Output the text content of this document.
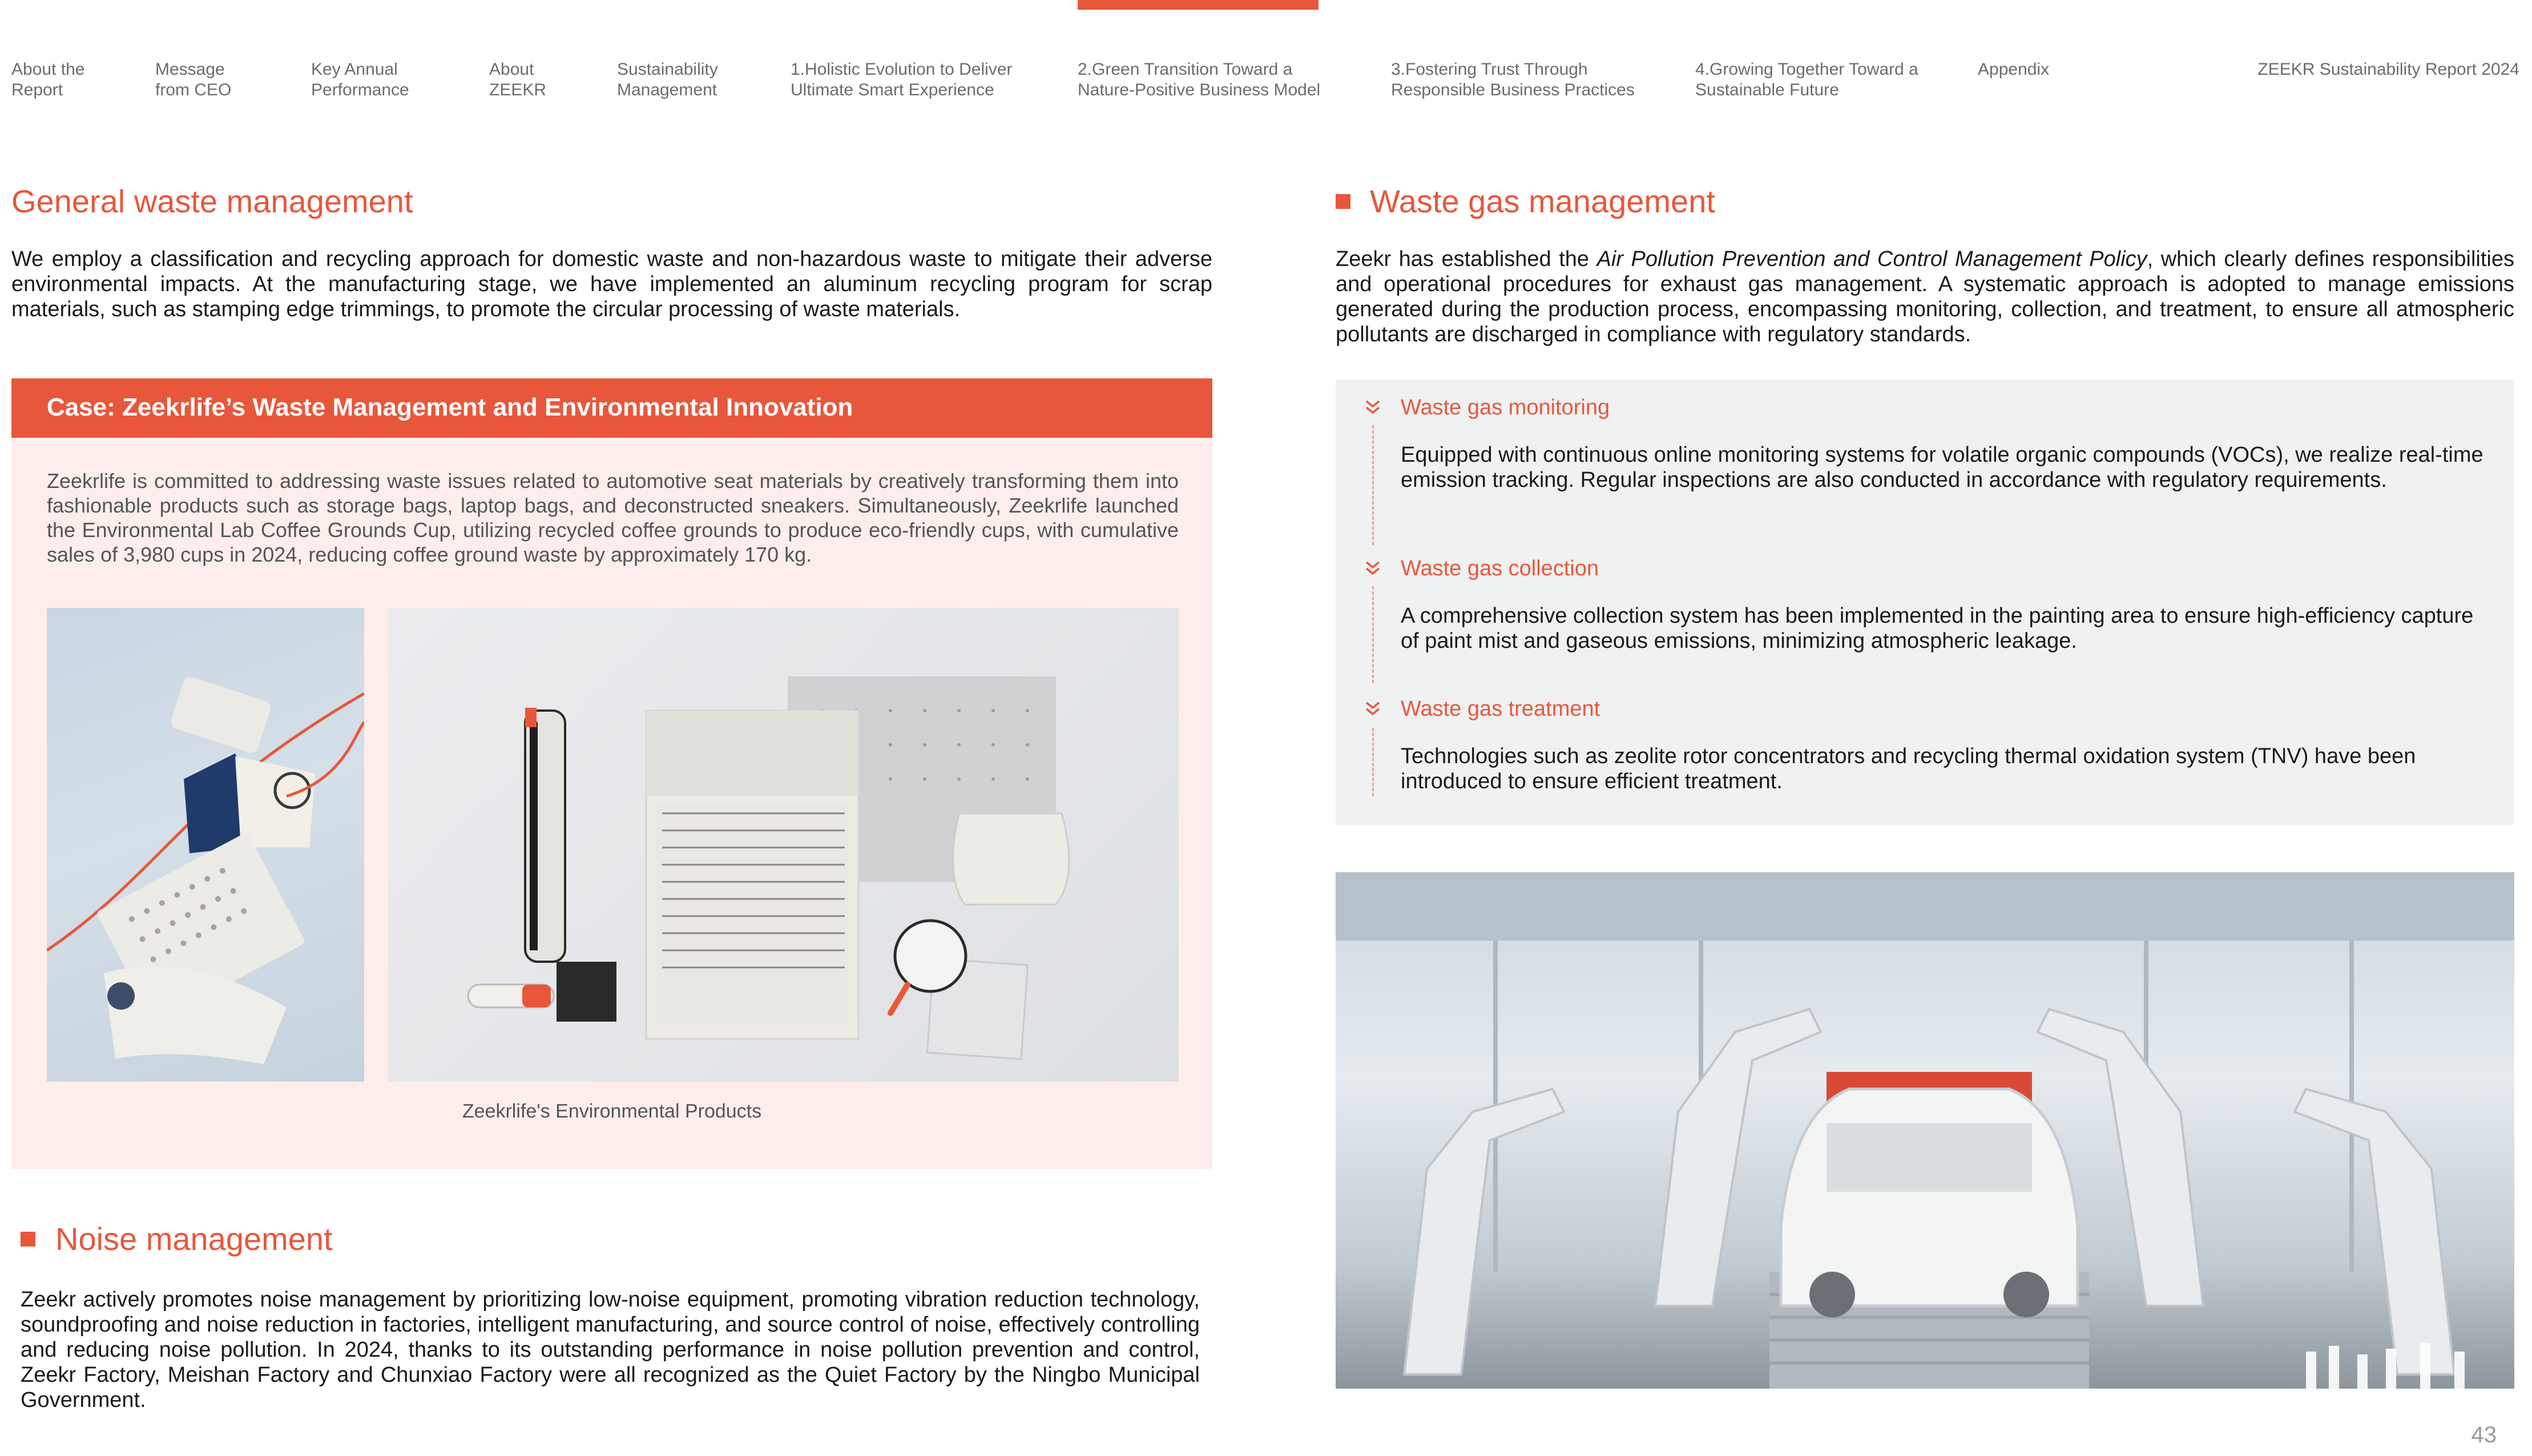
About the
Report
Message
from CEO
Key Annual
Performance
About
ZEEKR
Sustainability
Management
1.Holistic Evolution to Deliver
Ultimate Smart Experience
2.Green Transition Toward a
Nature-Positive Business Model
3.Fostering Trust Through
Responsible Business Practices
4.Growing Together Toward a
Sustainable Future
Appendix	ZEEKR Sustainability Report 2024
General waste management

We employ a classification and recycling approach for domestic waste and non-hazardous waste to mitigate their adverse environmental impacts. At the manufacturing stage, we have implemented an aluminum recycling program for scrap materials, such as stamping edge trimmings, to promote the circular processing of waste materials.

Case: Zeekrlife’s Waste Management and Environmental Innovation

Zeekrlife is committed to addressing waste issues related to automotive seat materials by creatively transforming them into fashionable products such as storage bags, laptop bags, and deconstructed sneakers. Simultaneously, Zeekrlife launched the Environmental Lab Coffee Grounds Cup, utilizing recycled coffee grounds to produce eco-friendly cups, with cumulative sales of 3,980 cups in 2024, reducing coffee ground waste by approximately 170 kg.

Zeekrlife's Environmental Products
Noise management

Zeekr actively promotes noise management by prioritizing low-noise equipment, promoting vibration reduction technology, soundproofing and noise reduction in factories, intelligent manufacturing, and source control of noise, effectively controlling and reducing noise pollution. In 2024, thanks to its outstanding performance in noise pollution prevention and control, Zeekr Factory, Meishan Factory and Chunxiao Factory were all recognized as the Quiet Factory by the Ningbo Municipal Government.

Waste gas management

Zeekr has established the Air Pollution Prevention and Control Management Policy, which clearly defines responsibilities and operational procedures for exhaust gas management. A systematic approach is adopted to manage emissions generated during the production process, encompassing monitoring, collection, and treatment, to ensure all atmospheric pollutants are discharged in compliance with regulatory standards.

Waste gas monitoring

Equipped with continuous online monitoring systems for volatile organic compounds (VOCs), we realize real-time emission tracking. Regular inspections are also conducted in accordance with regulatory requirements.

Waste gas collection

A comprehensive collection system has been implemented in the painting area to ensure high-efficiency capture of paint mist and gaseous emissions, minimizing atmospheric leakage.

Waste gas treatment

Technologies such as zeolite rotor concentrators and recycling thermal oxidation system (TNV) have been introduced to ensure efficient treatment.

43
